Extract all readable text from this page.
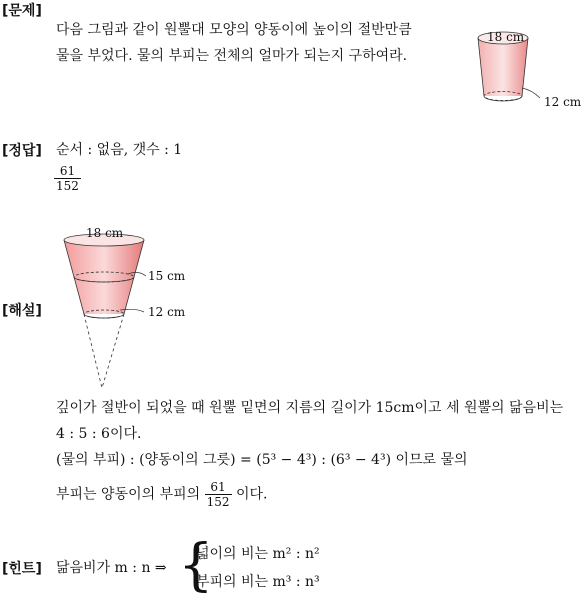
[문제]
다음 그림과 같이 원뿔대 모양의 양동이에 높이의 절반만큼
물을 부었다. 물의 부피는 전체의 얼마가 되는지 구하여라.
18 cm
12 cm
[정답] 순서 : 없음, 갯수 : 1
$\frac{61}{152}$
[해설]
18 cm
15 cm
12 cm
깊이가 절반이 되었을 때 원뿔 밑면의 지름의 길이가 15cm이고 세 원뿔의 닮음비는
4 : 5 : 6이다.
(물의 부피) : (양동이의 그릇) = (5³ − 4³) : (6³ − 4³) 이므로 물의
부피는 양동이의 부피의 $\frac{61}{152}$ 이다.
[힌트] 닮음비가 m : n ⇒ {
넓이의 비는 m² : n²
부피의 비는 m³ : n³
